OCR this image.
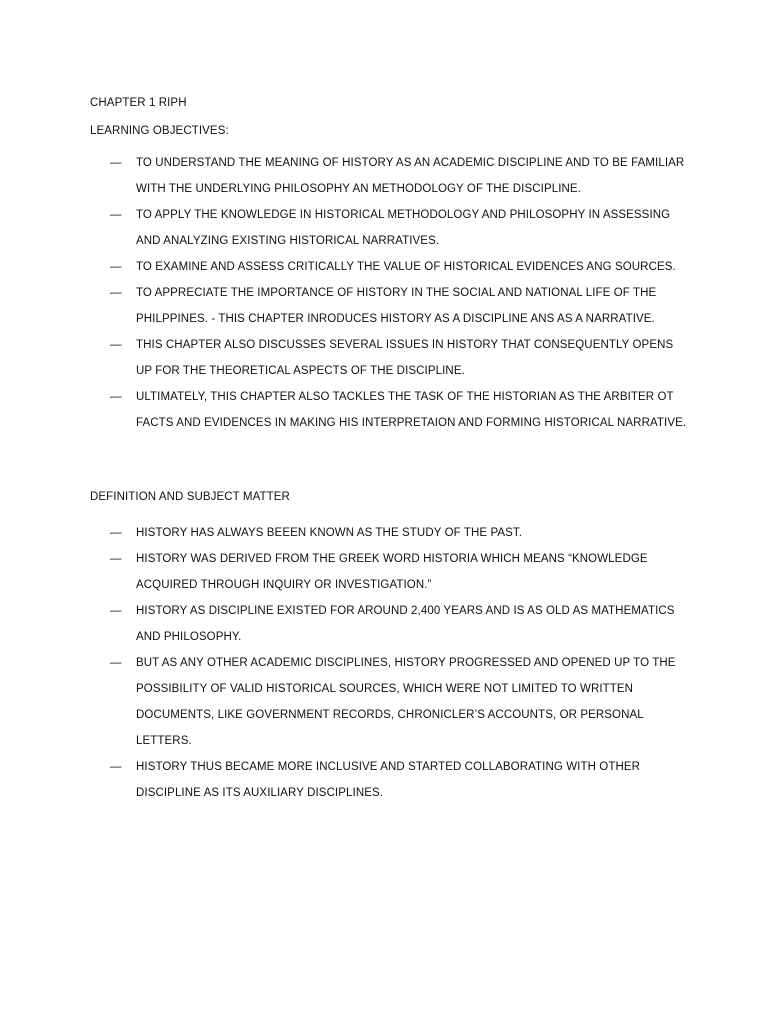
CHAPTER 1 RIPH

LEARNING OBJECTIVES:

— TO UNDERSTAND THE MEANING OF HISTORY AS AN ACADEMIC DISCIPLINE AND TO BE FAMILIAR WITH THE UNDERLYING PHILOSOPHY AN METHODOLOGY OF THE DISCIPLINE.
— TO APPLY THE KNOWLEDGE IN HISTORICAL METHODOLOGY AND PHILOSOPHY IN ASSESSING AND ANALYZING EXISTING HISTORICAL NARRATIVES.
— TO EXAMINE AND ASSESS CRITICALLY THE VALUE OF HISTORICAL EVIDENCES ANG SOURCES.
— TO APPRECIATE THE IMPORTANCE OF HISTORY IN THE SOCIAL AND NATIONAL LIFE OF THE PHILPPINES. - THIS CHAPTER INRODUCES HISTORY AS A DISCIPLINE ANS AS A NARRATIVE.
— THIS CHAPTER ALSO DISCUSSES SEVERAL ISSUES IN HISTORY THAT CONSEQUENTLY OPENS UP FOR THE THEORETICAL ASPECTS OF THE DISCIPLINE.
— ULTIMATELY, THIS CHAPTER ALSO TACKLES THE TASK OF THE HISTORIAN AS THE ARBITER OT FACTS AND EVIDENCES IN MAKING HIS INTERPRETAION AND FORMING HISTORICAL NARRATIVE.

DEFINITION AND SUBJECT MATTER

— HISTORY HAS ALWAYS BEEEN KNOWN AS THE STUDY OF THE PAST.
— HISTORY WAS DERIVED FROM THE GREEK WORD HISTORIA WHICH MEANS “KNOWLEDGE ACQUIRED THROUGH INQUIRY OR INVESTIGATION.”
— HISTORY AS DISCIPLINE EXISTED FOR AROUND 2,400 YEARS AND IS AS OLD AS MATHEMATICS AND PHILOSOPHY.
— BUT AS ANY OTHER ACADEMIC DISCIPLINES, HISTORY PROGRESSED AND OPENED UP TO THE POSSIBILITY OF VALID HISTORICAL SOURCES, WHICH WERE NOT LIMITED TO WRITTEN DOCUMENTS, LIKE GOVERNMENT RECORDS, CHRONICLER’S ACCOUNTS, OR PERSONAL LETTERS.
— HISTORY THUS BECAME MORE INCLUSIVE AND STARTED COLLABORATING WITH OTHER DISCIPLINE AS ITS AUXILIARY DISCIPLINES.
